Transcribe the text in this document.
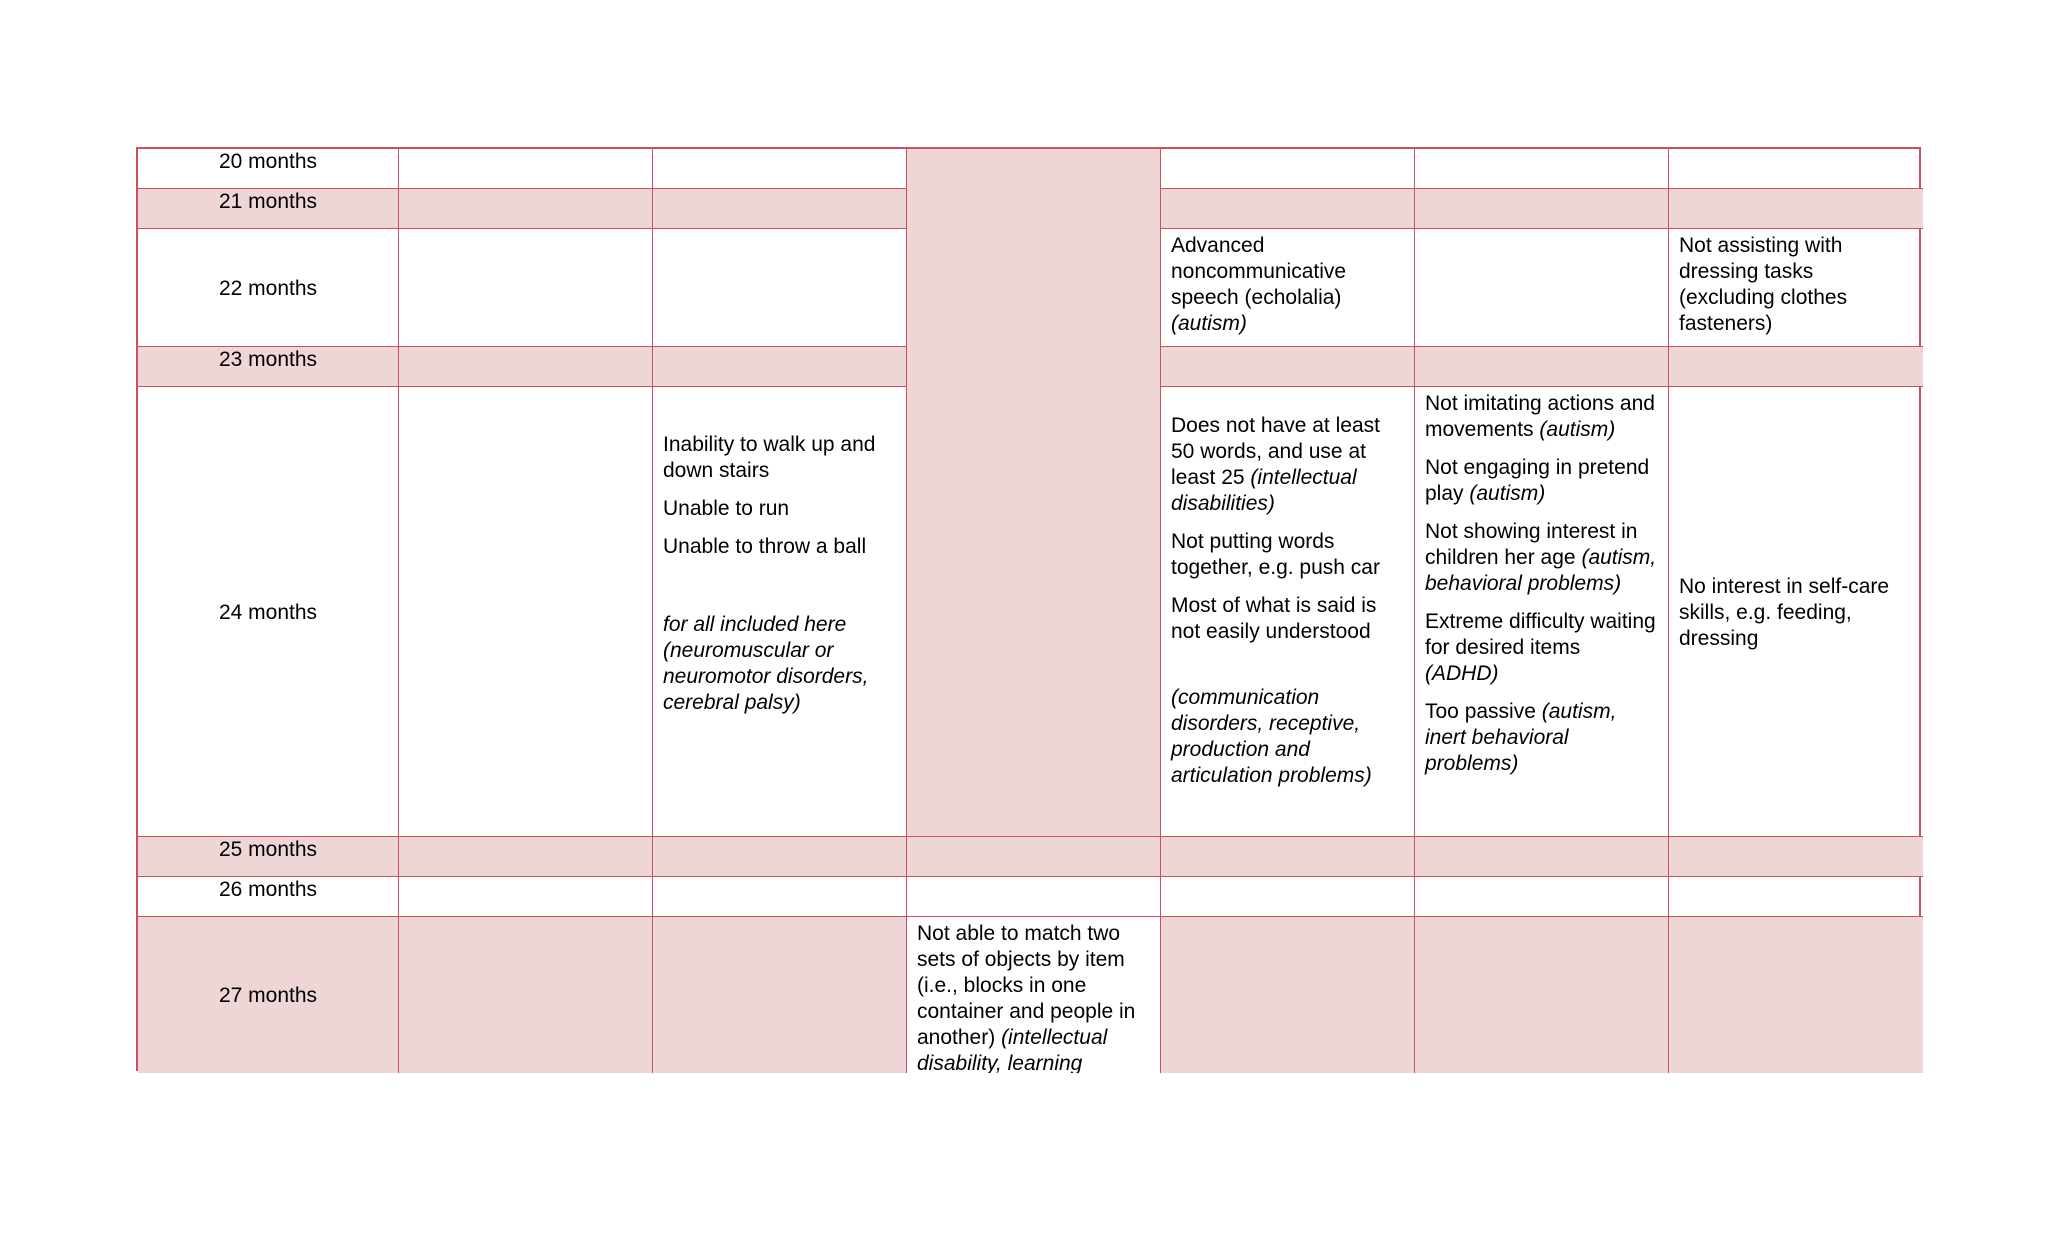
20 months
21 months
22 months
Advanced noncommunicative speech (echolalia) (autism)
Not assisting with dressing tasks (excluding clothes fasteners)
23 months
24 months

Inability to walk up and down stairs

Unable to run

Unable to throw a ball

for all included here (neuromuscular or neuromotor disorders, cerebral palsy)

Does not have at least 50 words, and use at least 25 (intellectual disabilities)

Not putting words together, e.g. push car

Most of what is said is not easily understood

(communication disorders, receptive, production and articulation problems)

Not imitating actions and movements (autism)

Not engaging in pretend play (autism)

Not showing interest in children her age (autism, behavioral problems)

Extreme difficulty waiting for desired items (ADHD)

Too passive (autism, inert behavioral problems)

No interest in self-care skills, e.g. feeding, dressing
25 months
26 months
27 months
Not able to match two sets of objects by item (i.e., blocks in one container and people in another) (intellectual disability, learning
